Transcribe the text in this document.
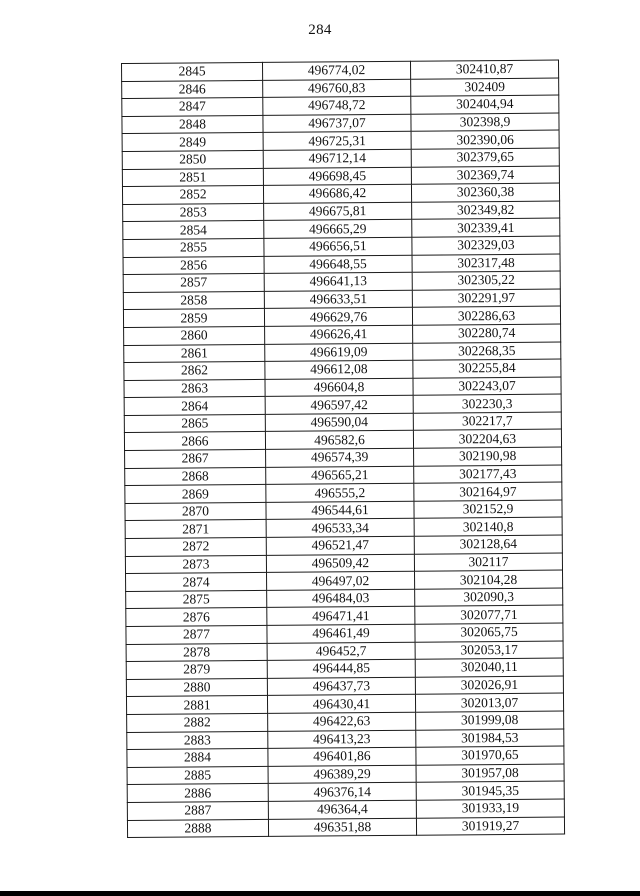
284
2845	496774,02	302410,87
2846	496760,83	302409
2847	496748,72	302404,94
2848	496737,07	302398,9
2849	496725,31	302390,06
2850	496712,14	302379,65
2851	496698,45	302369,74
2852	496686,42	302360,38
2853	496675,81	302349,82
2854	496665,29	302339,41
2855	496656,51	302329,03
2856	496648,55	302317,48
2857	496641,13	302305,22
2858	496633,51	302291,97
2859	496629,76	302286,63
2860	496626,41	302280,74
2861	496619,09	302268,35
2862	496612,08	302255,84
2863	496604,8	302243,07
2864	496597,42	302230,3
2865	496590,04	302217,7
2866	496582,6	302204,63
2867	496574,39	302190,98
2868	496565,21	302177,43
2869	496555,2	302164,97
2870	496544,61	302152,9
2871	496533,34	302140,8
2872	496521,47	302128,64
2873	496509,42	302117
2874	496497,02	302104,28
2875	496484,03	302090,3
2876	496471,41	302077,71
2877	496461,49	302065,75
2878	496452,7	302053,17
2879	496444,85	302040,11
2880	496437,73	302026,91
2881	496430,41	302013,07
2882	496422,63	301999,08
2883	496413,23	301984,53
2884	496401,86	301970,65
2885	496389,29	301957,08
2886	496376,14	301945,35
2887	496364,4	301933,19
2888	496351,88	301919,27
